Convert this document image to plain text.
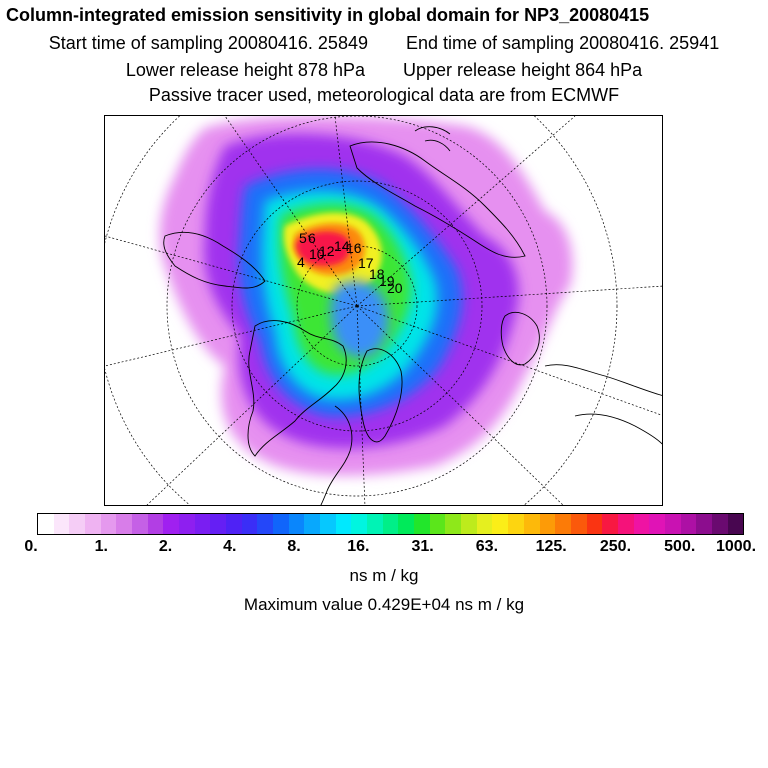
Column-integrated emission sensitivity in global domain for NP3_20080415
Start time of sampling 20080416. 25849 End time of sampling 20080416. 25941
Lower release height 878 hPa Upper release height 864 hPa
Passive tracer used, meteorological data are from ECMWF
5 6
4 10
12 14
16
17
18
19
20
0.	1.	2.	4.	8.	16.	31.	63. 125. 250. 500. 1000.
ns m / kg
Maximum value 0.429E+04 ns m / kg
